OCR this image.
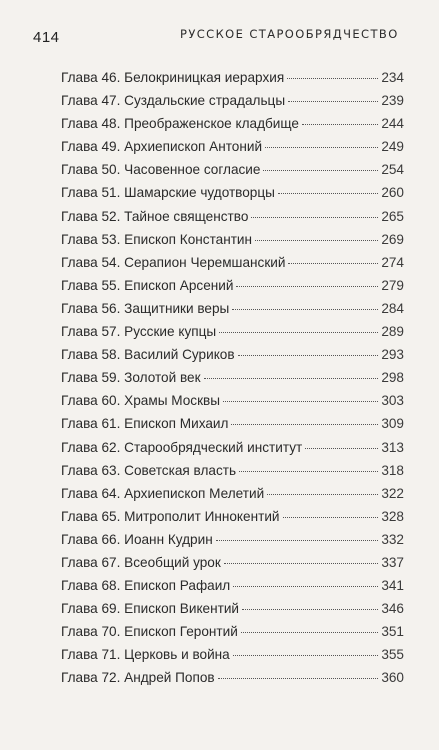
414	РУССКОЕ СТАРООБРЯДЧЕСТВО
Глава 46. Белокриницкая иерархия	234
Глава 47. Суздальские страдальцы	239
Глава 48. Преображенское кладбище	244
Глава 49. Архиепископ Антоний	249
Глава 50. Часовенное согласие	254
Глава 51. Шамарские чудотворцы	260
Глава 52. Тайное священство	265
Глава 53. Епископ Константин	269
Глава 54. Серапион Черемшанский	274
Глава 55. Епископ Арсений	279
Глава 56. Защитники веры	284
Глава 57. Русские купцы	289
Глава 58. Василий Суриков	293
Глава 59. Золотой век	298
Глава 60. Храмы Москвы	303
Глава 61. Епископ Михаил	309
Глава 62. Старообрядческий институт	313
Глава 63. Советская власть	318
Глава 64. Архиепископ Мелетий	322
Глава 65. Митрополит Иннокентий	328
Глава 66. Иоанн Кудрин	332
Глава 67. Всеобщий урок	337
Глава 68. Епископ Рафаил	341
Глава 69. Епископ Викентий	346
Глава 70. Епископ Геронтий	351
Глава 71. Церковь и война	355
Глава 72. Андрей Попов	360
